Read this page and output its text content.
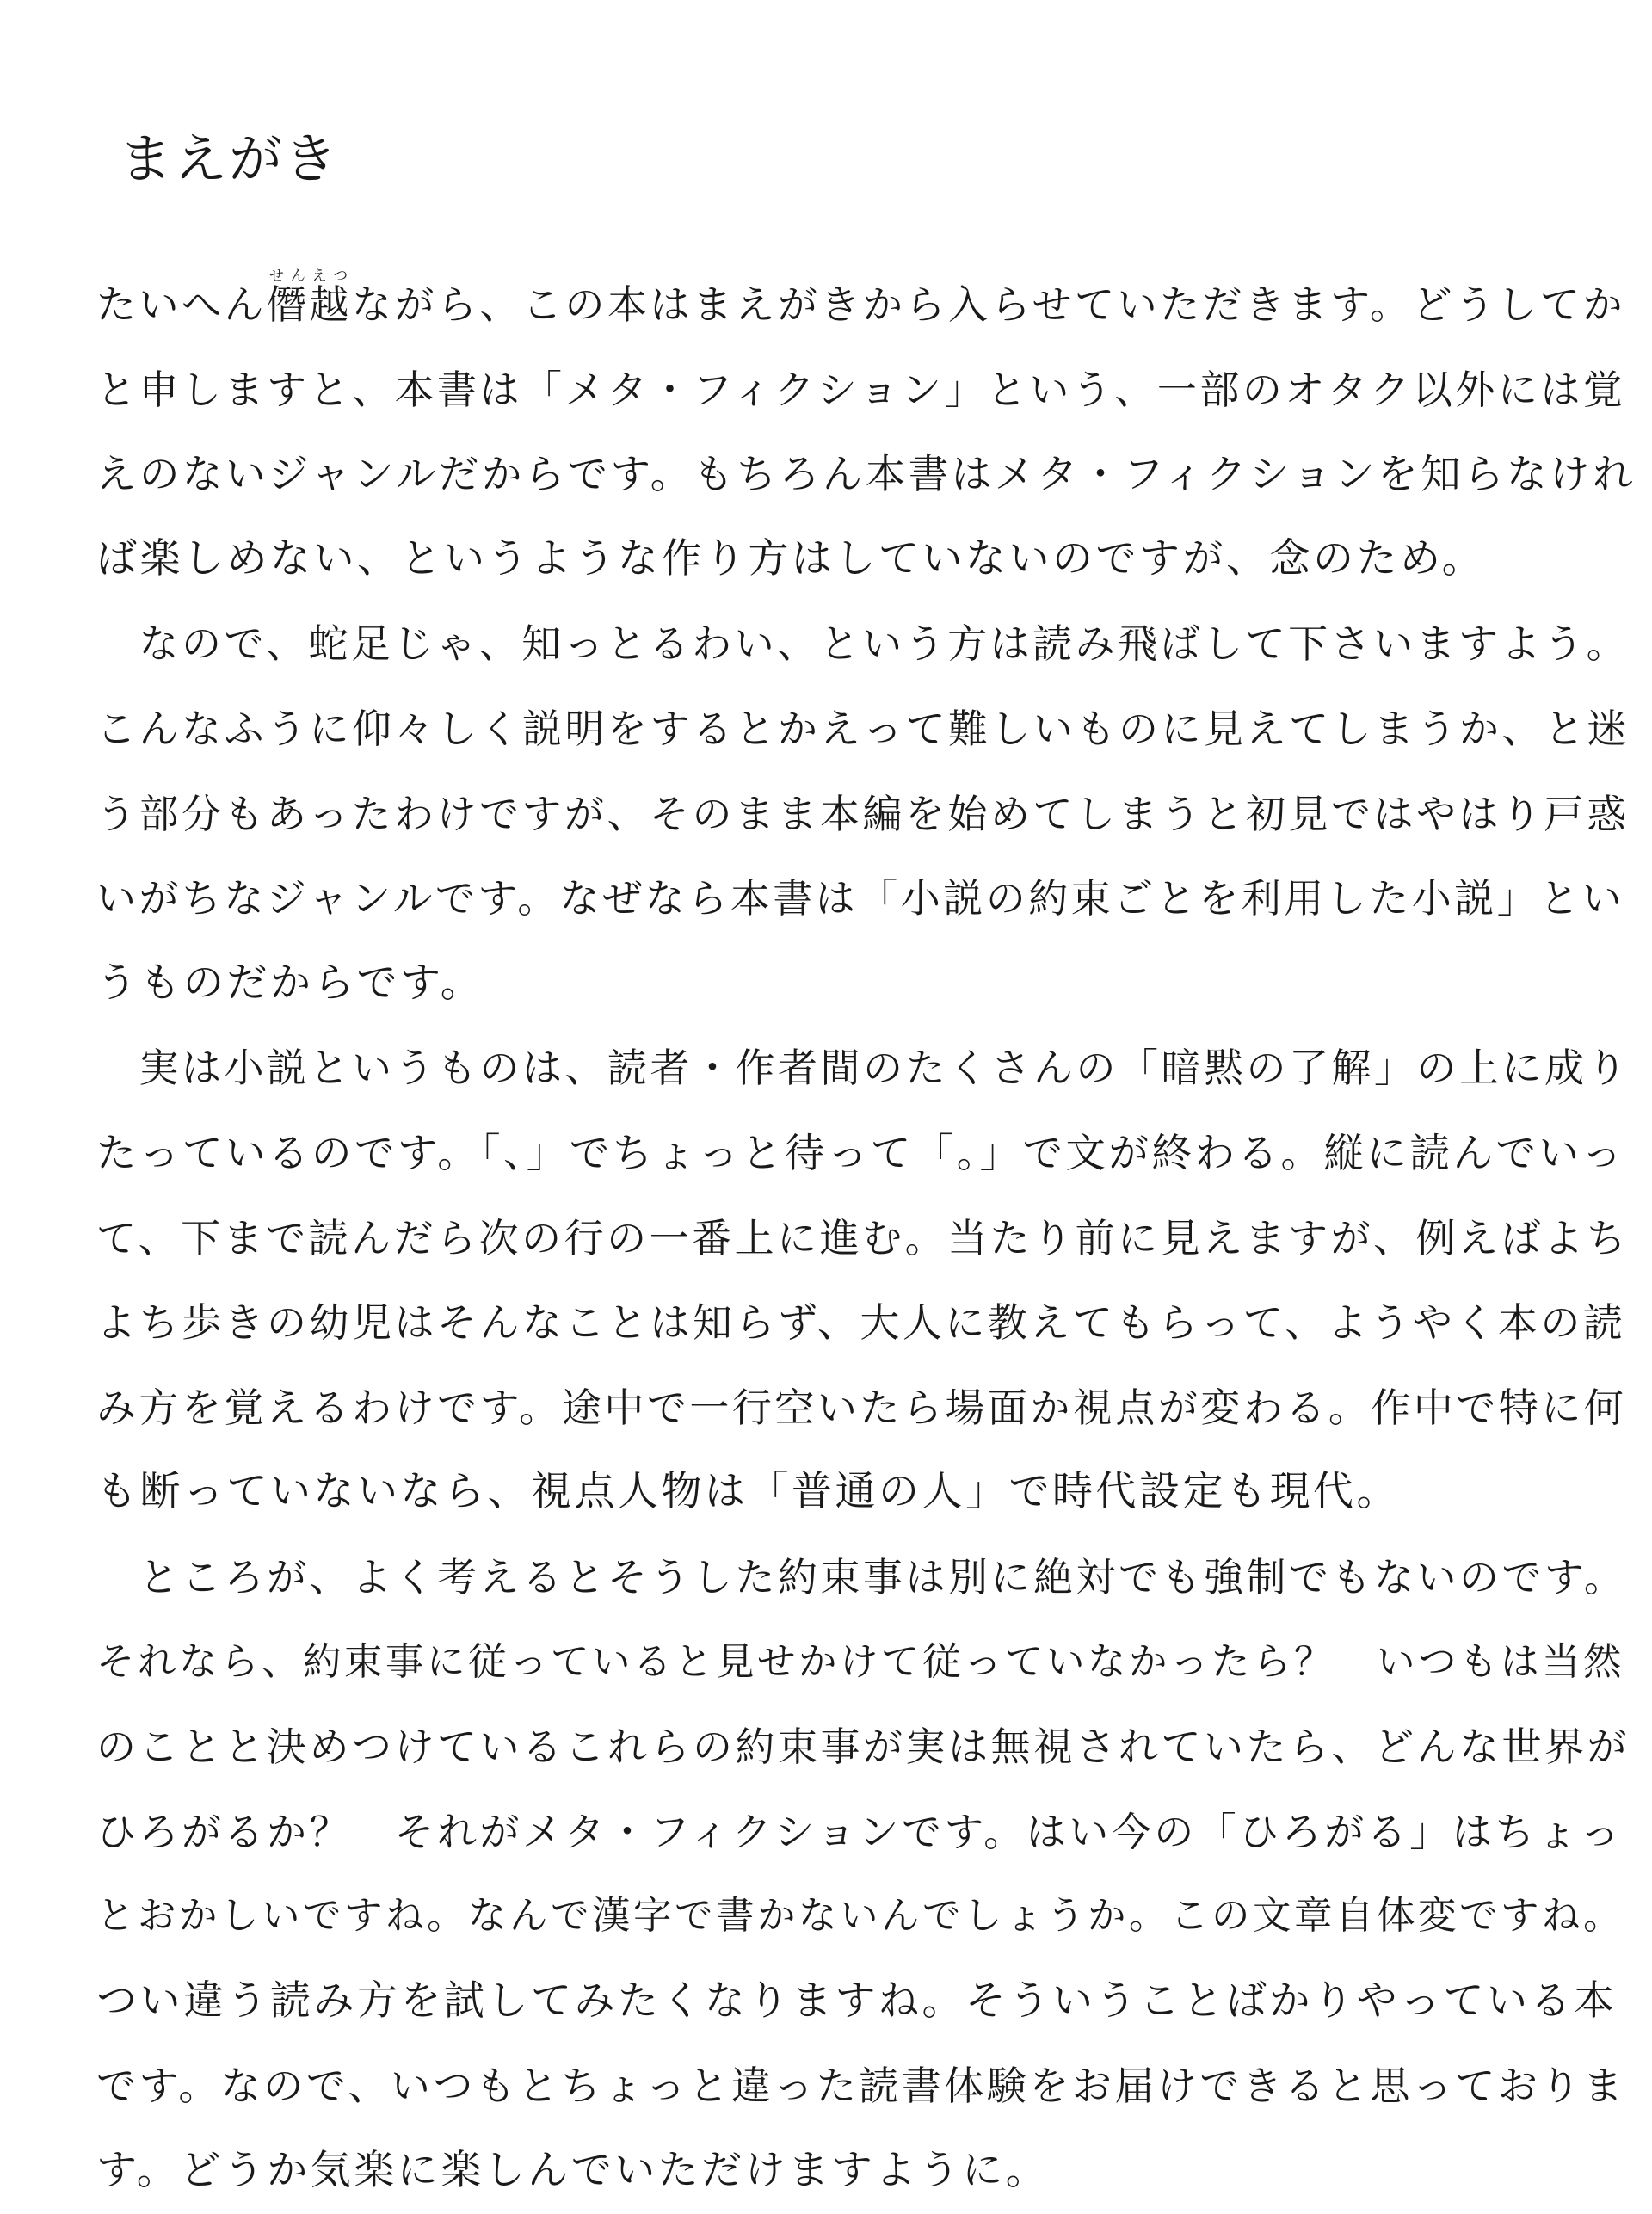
まえがき
たいへん僭越せんえつながら、この本はまえがきから入らせていただきます。どうしてか
と申しますと、本書は「メタ・フィクション」という、一部のオタク以外には覚
えのないジャンルだからです。もちろん本書はメタ・フィクションを知らなけれ
ば楽しめない、というような作り方はしていないのですが、念のため。
　なので、蛇足じゃ、知っとるわい、という方は読み飛ばして下さいますよう。
こんなふうに仰々しく説明をするとかえって難しいものに見えてしまうか、と迷
う部分もあったわけですが、そのまま本編を始めてしまうと初見ではやはり戸惑
いがちなジャンルです。なぜなら本書は「小説の約束ごとを利用した小説」とい
うものだからです。
　実は小説というものは、読者・作者間のたくさんの「暗黙の了解」の上に成り
たっているのです。「、」でちょっと待って「。」で文が終わる。縦に読んでいっ
て、下まで読んだら次の行の一番上に進む。当たり前に見えますが、例えばよち
よち歩きの幼児はそんなことは知らず、大人に教えてもらって、ようやく本の読
み方を覚えるわけです。途中で一行空いたら場面か視点が変わる。作中で特に何
も断っていないなら、視点人物は「普通の人」で時代設定も現代。
　ところが、よく考えるとそうした約束事は別に絶対でも強制でもないのです。
それなら、約束事に従っていると見せかけて従っていなかったら？　いつもは当然
のことと決めつけているこれらの約束事が実は無視されていたら、どんな世界が
ひろがるか？　それがメタ・フィクションです。はい今の「ひろがる」はちょっ
とおかしいですね。なんで漢字で書かないんでしょうか。この文章自体変ですね。
つい違う読み方を試してみたくなりますね。そういうことばかりやっている本
です。なので、いつもとちょっと違った読書体験をお届けできると思っておりま
す。どうか気楽に楽しんでいただけますように。
